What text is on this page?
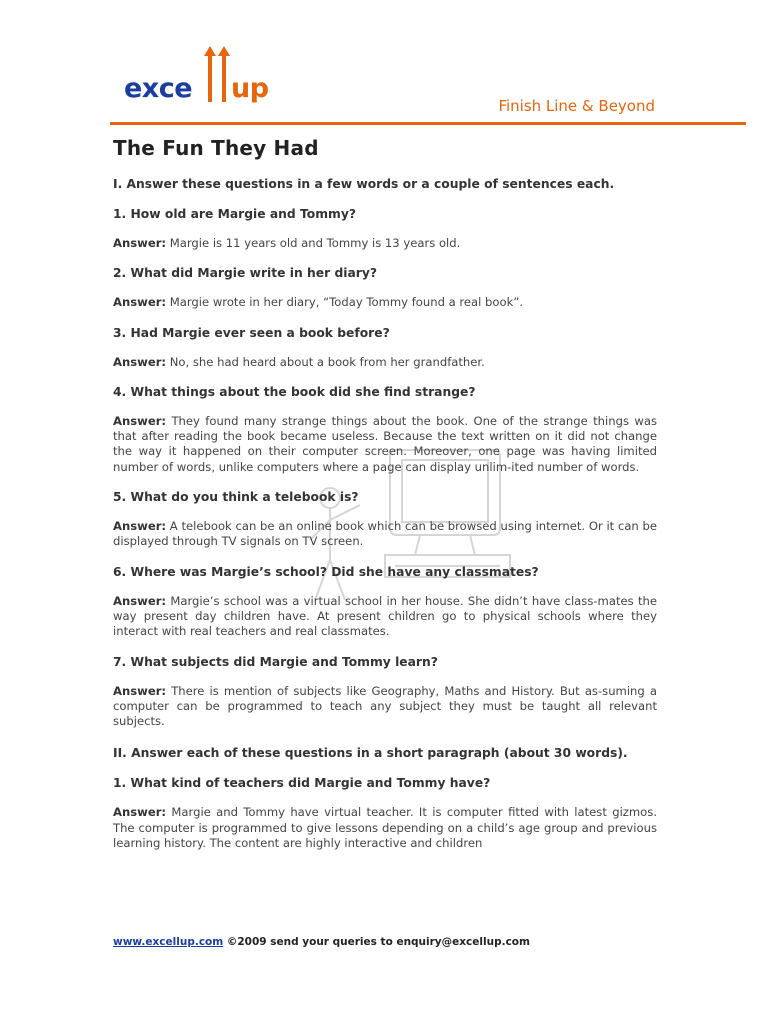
exce up
Finish Line & Beyond
The Fun They Had

I. Answer these questions in a few words or a couple of sentences each.

1. How old are Margie and Tommy?

Answer: Margie is 11 years old and Tommy is 13 years old.

2. What did Margie write in her diary?

Answer: Margie wrote in her diary, “Today Tommy found a real book”.

3. Had Margie ever seen a book before?

Answer: No, she had heard about a book from her grandfather.

4. What things about the book did she find strange?

Answer: They found many strange things about the book. One of the strange things was that after reading the book became useless. Because the text written on it did not change the way it happened on their computer screen. Moreover, one page was having limited number of words, unlike computers where a page can display unlim-ited number of words.

5. What do you think a telebook is?

Answer: A telebook can be an online book which can be browsed using internet. Or it can be displayed through TV signals on TV screen.

6. Where was Margie’s school? Did she have any classmates?

Answer: Margie’s school was a virtual school in her house. She didn’t have class-mates the way present day children have. At present children go to physical schools where they interact with real teachers and real classmates.

7. What subjects did Margie and Tommy learn?

Answer: There is mention of subjects like Geography, Maths and History. But as-suming a computer can be programmed to teach any subject they must be taught all relevant subjects.

II. Answer each of these questions in a short paragraph (about 30 words).

1. What kind of teachers did Margie and Tommy have?

Answer: Margie and Tommy have virtual teacher. It is computer fitted with latest gizmos. The computer is programmed to give lessons depending on a child’s age group and previous learning history. The content are highly interactive and children

www.excellup.com ©2009 send your queries to enquiry@excellup.com
